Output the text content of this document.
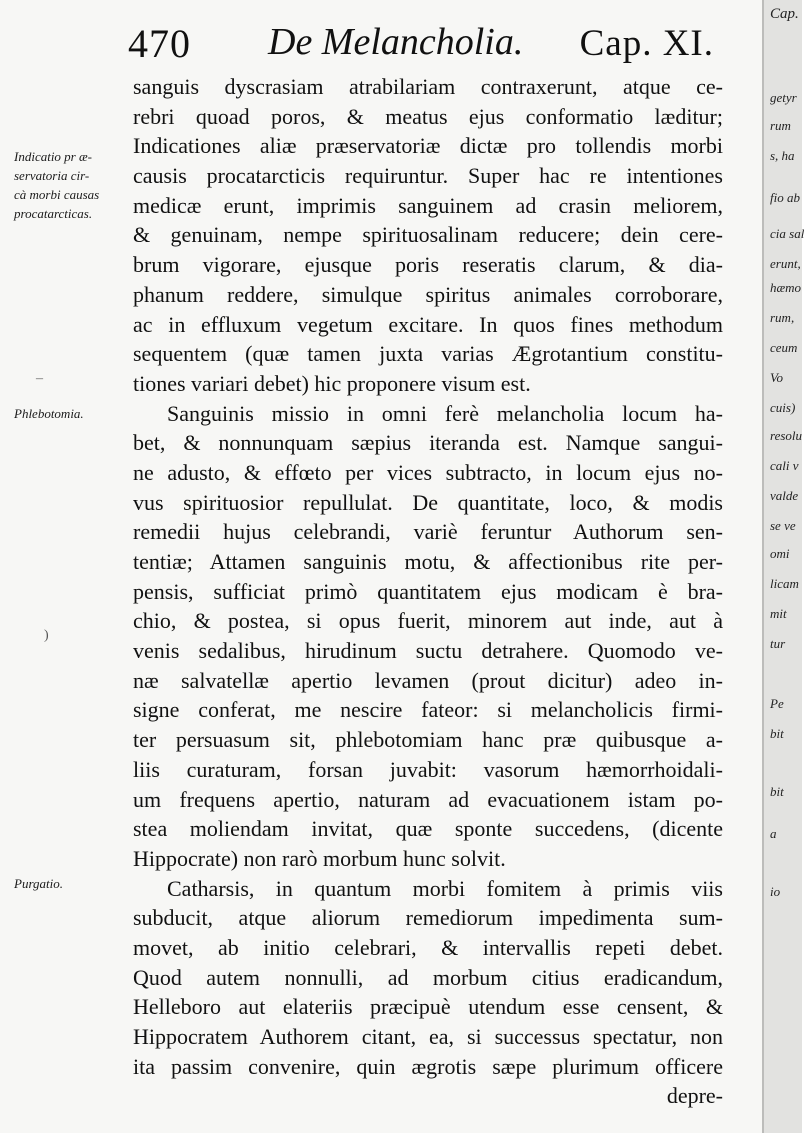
470 De Melancholia. Cap. XI.
Indicatio pr æ-
servatoria cir-
cà morbi causas
procatarcticas.
Phlebotomia.
Purgatio.
¯
)
sanguis dyscrasiam atrabilariam contraxerunt, atque ce-
rebri quoad poros, & meatus ejus conformatio læditur;
Indicationes aliæ præservatoriæ dictæ pro tollendis morbi
causis procatarcticis requiruntur. Super hac re intentiones
medicæ erunt, imprimis sanguinem ad crasin meliorem,
& genuinam, nempe spirituosalinam reducere; dein cere-
brum vigorare, ejusque poris reseratis clarum, & dia-
phanum reddere, simulque spiritus animales corroborare,
ac in effluxum vegetum excitare. In quos fines methodum
sequentem (quæ tamen juxta varias Ægrotantium constitu-
tiones variari debet) hic proponere visum est.
Sanguinis missio in omni ferè melancholia locum ha-
bet, & nonnunquam sæpius iteranda est. Namque sangui-
ne adusto, & effœto per vices subtracto, in locum ejus no-
vus spirituosior repullulat. De quantitate, loco, & modis
remedii hujus celebrandi, variè feruntur Authorum sen-
tentiæ; Attamen sanguinis motu, & affectionibus rite per-
pensis, sufficiat primò quantitatem ejus modicam è bra-
chio, & postea, si opus fuerit, minorem aut inde, aut à
venis sedalibus, hirudinum suctu detrahere. Quomodo ve-
næ salvatellæ apertio levamen (prout dicitur) adeo in-
signe conferat, me nescire fateor: si melancholicis firmi-
ter persuasum sit, phlebotomiam hanc præ quibusque a-
liis curaturam, forsan juvabit: vasorum hæmorrhoidali-
um frequens apertio, naturam ad evacuationem istam po-
stea moliendam invitat, quæ sponte succedens, (dicente
Hippocrate) non rarò morbum hunc solvit.
Catharsis, in quantum morbi fomitem à primis viis
subducit, atque aliorum remediorum impedimenta sum-
movet, ab initio celebrari, & intervallis repeti debet.
Quod autem nonnulli, ad morbum citius eradicandum,
Helleboro aut elateriis præcipuè utendum esse censent, &
Hippocratem Authorem citant, ea, si successus spectatur, non
ita passim convenire, quin ægrotis sæpe plurimum officere
depre-
Cap.
getyr
rum
s, ha
fio ab
cia sal
erunt,
hæmo
rum,
ceum
Vo
cuis)
resolu
cali v
valde
se ve
omi
licam
mit
tur
Pe
bit
bit
a
io
